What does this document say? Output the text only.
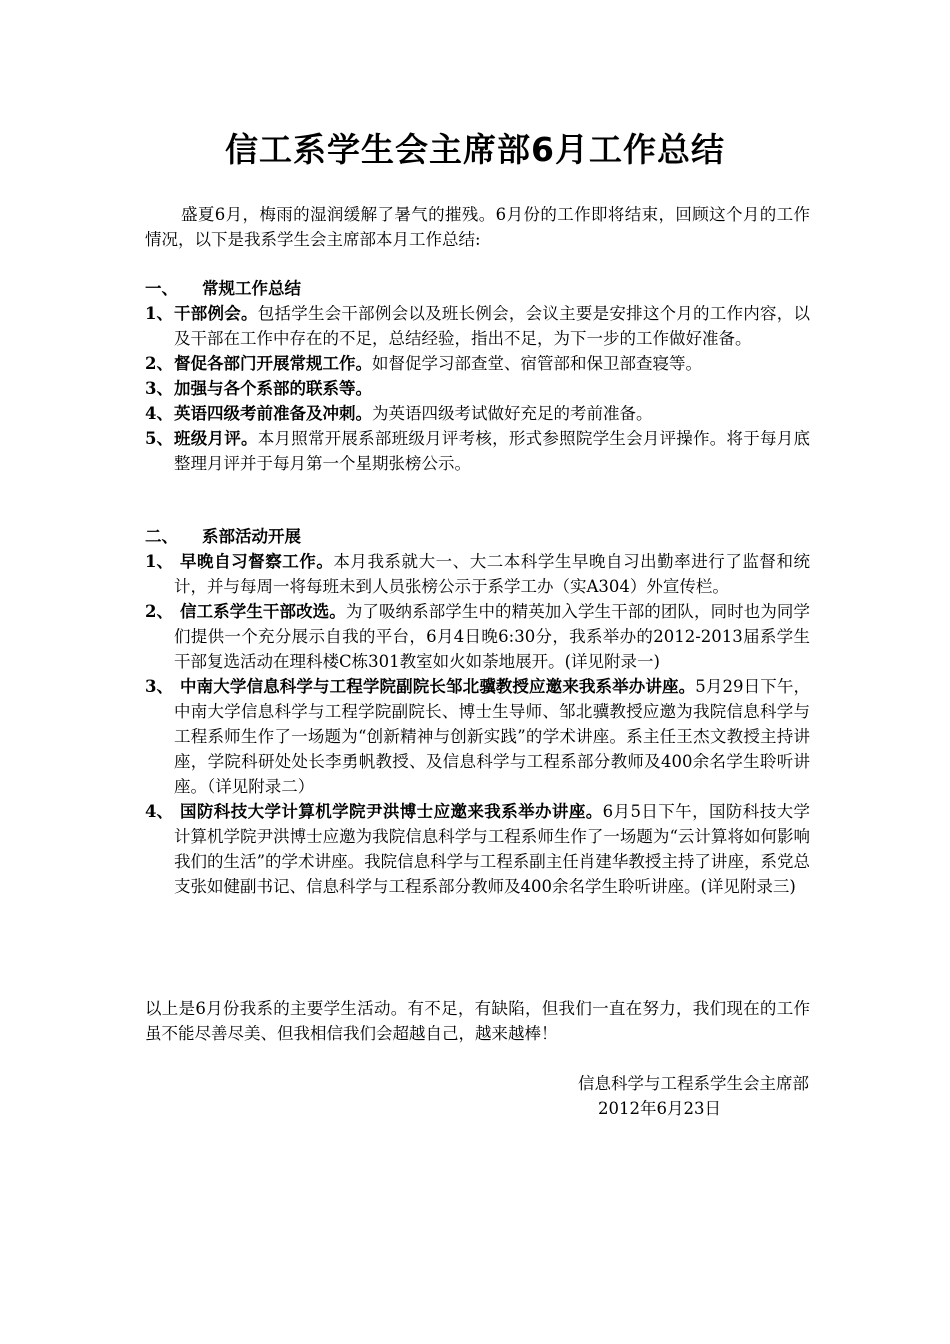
信工系学生会主席部6月工作总结

盛夏6月，梅雨的湿润缓解了暑气的摧残。6月份的工作即将结束，回顾这个月的工作情况，以下是我系学生会主席部本月工作总结:

一、 常规工作总结
1、 干部例会。包括学生会干部例会以及班长例会，会议主要是安排这个月的工作内容，以及干部在工作中存在的不足，总结经验，指出不足，为下一步的工作做好准备。
2、 督促各部门开展常规工作。如督促学习部查堂、宿管部和保卫部查寝等。
3、 加强与各个系部的联系等。
4、 英语四级考前准备及冲刺。为英语四级考试做好充足的考前准备。
5、 班级月评。本月照常开展系部班级月评考核，形式参照院学生会月评操作。将于每月底整理月评并于每月第一个星期张榜公示。
二、 系部活动开展
1、 早晚自习督察工作。本月我系就大一、大二本科学生早晚自习出勤率进行了监督和统计，并与每周一将每班未到人员张榜公示于系学工办（实A304）外宣传栏。
2、 信工系学生干部改选。为了吸纳系部学生中的精英加入学生干部的团队，同时也为同学们提供一个充分展示自我的平台，6月4日晚6:30分，我系举办的2012-2013届系学生干部复选活动在理科楼C栋301教室如火如荼地展开。(详见附录一)
3、 中南大学信息科学与工程学院副院长邹北骥教授应邀来我系举办讲座。5月29日下午，中南大学信息科学与工程学院副院长、博士生导师、邹北骥教授应邀为我院信息科学与工程系师生作了一场题为“创新精神与创新实践”的学术讲座。系主任王杰文教授主持讲座，学院科研处处长李勇帆教授、及信息科学与工程系部分教师及400余名学生聆听讲座。（详见附录二）
4、 国防科技大学计算机学院尹洪博士应邀来我系举办讲座。6月5日下午，国防科技大学计算机学院尹洪博士应邀为我院信息科学与工程系师生作了一场题为“云计算将如何影响我们的生活”的学术讲座。我院信息科学与工程系副主任肖建华教授主持了讲座，系党总支张如健副书记、信息科学与工程系部分教师及400余名学生聆听讲座。(详见附录三)

以上是6月份我系的主要学生活动。有不足，有缺陷，但我们一直在努力，我们现在的工作虽不能尽善尽美、但我相信我们会超越自己，越来越棒！

信息科学与工程系学生会主席部
2012年6月23日
